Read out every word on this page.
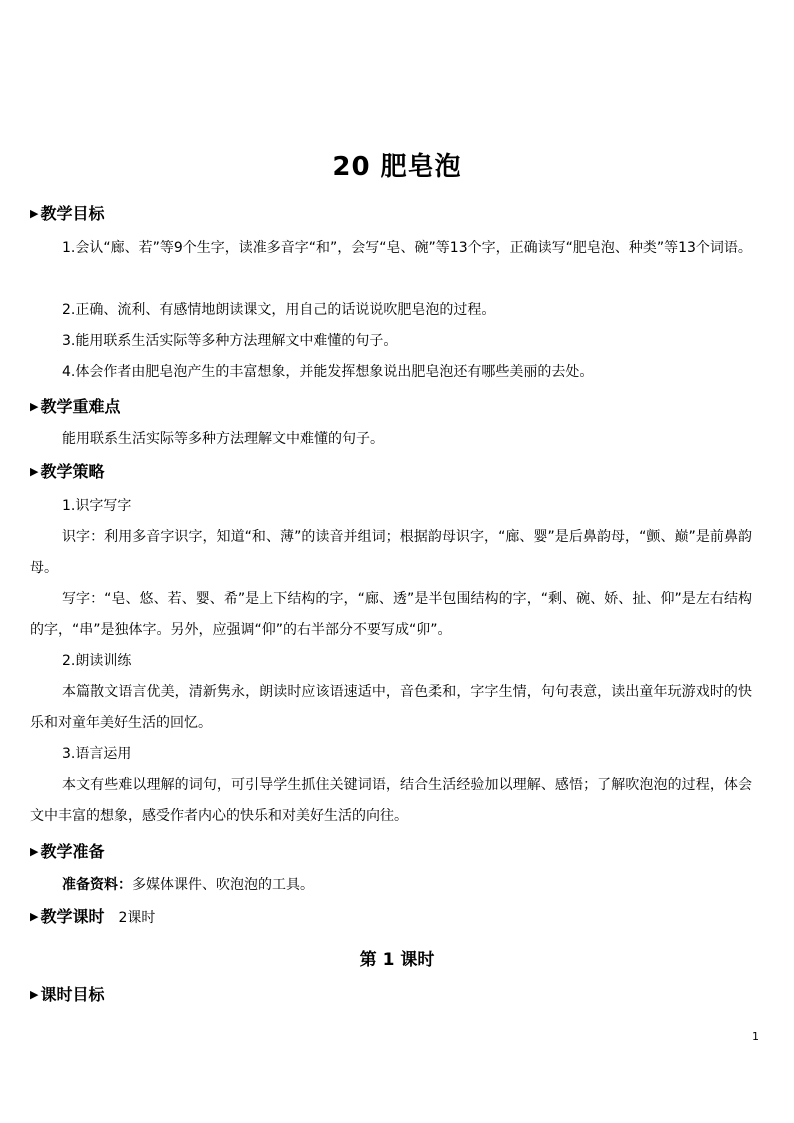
20 肥皂泡
▶ 教学目标
1.会认“廊、若”等9个生字，读准多音字“和”，会写“皂、碗”等13个字，正确读写“肥皂泡、种类”等13个词语。
2.正确、流利、有感情地朗读课文，用自己的话说说吹肥皂泡的过程。
3.能用联系生活实际等多种方法理解文中难懂的句子。
4.体会作者由肥皂泡产生的丰富想象，并能发挥想象说出肥皂泡还有哪些美丽的去处。
▶ 教学重难点
能用联系生活实际等多种方法理解文中难懂的句子。
▶ 教学策略
1.识字写字
识字：利用多音字识字，知道“和、薄”的读音并组词；根据韵母识字，“廊、婴”是后鼻韵母，“颤、巅”是前鼻韵母。
写字：“皂、悠、若、婴、希”是上下结构的字，“廊、透”是半包围结构的字，“剩、碗、娇、扯、仰”是左右结构的字，“串”是独体字。另外，应强调“仰”的右半部分不要写成“卯”。
2.朗读训练
本篇散文语言优美，清新隽永，朗读时应该语速适中，音色柔和，字字生情，句句表意，读出童年玩游戏时的快乐和对童年美好生活的回忆。
3.语言运用
本文有些难以理解的词句，可引导学生抓住关键词语，结合生活经验加以理解、感悟；了解吹泡泡的过程，体会文中丰富的想象，感受作者内心的快乐和对美好生活的向往。
▶ 教学准备
准备资料：多媒体课件、吹泡泡的工具。
▶ 教学课时 2课时
第 1 课时
▶ 课时目标
1
